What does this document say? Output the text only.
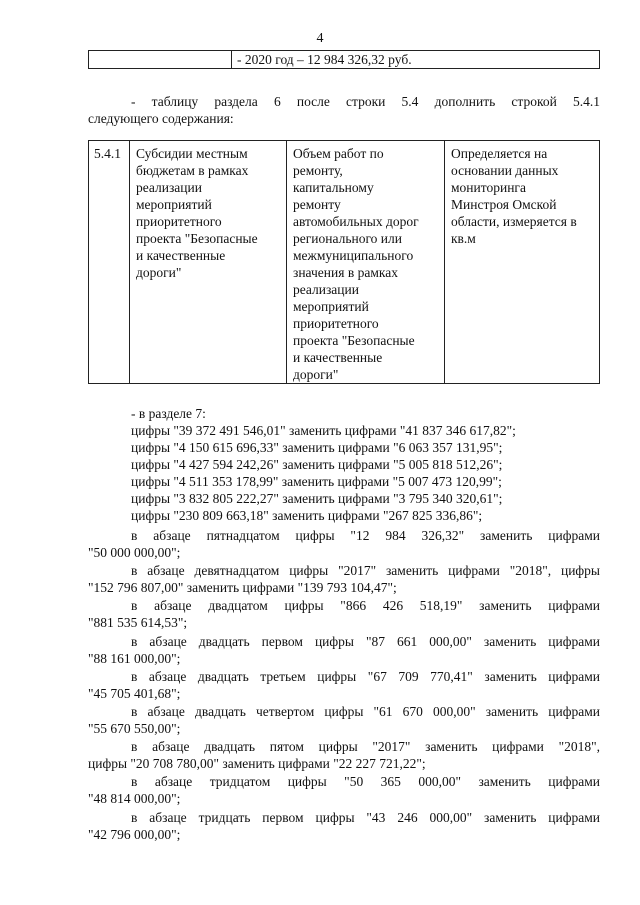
4
- 2020 год – 12 984 326,32 руб.
- таблицу раздела 6 после строки 5.4 дополнить строкой 5.4.1
следующего содержания:
5.4.1 Субсидии местным
бюджетам в рамках
реализации
мероприятий
приоритетного
проекта "Безопасные
и качественные
дороги"
Объем работ по
ремонту,
капитальному
ремонту
автомобильных дорог
регионального или
межмуниципального
значения в рамках
реализации
мероприятий
приоритетного
проекта "Безопасные
и качественные
дороги"
Определяется на
основании данных
мониторинга
Минстроя Омской
области, измеряется в
кв.м
- в разделе 7:
цифры "39 372 491 546,01" заменить цифрами "41 837 346 617,82";
цифры "4 150 615 696,33" заменить цифрами "6 063 357 131,95";
цифры "4 427 594 242,26" заменить цифрами "5 005 818 512,26";
цифры "4 511 353 178,99" заменить цифрами "5 007 473 120,99";
цифры "3 832 805 222,27" заменить цифрами "3 795 340 320,61";
цифры "230 809 663,18" заменить цифрами "267 825 336,86";
в абзаце пятнадцатом цифры "12 984 326,32" заменить цифрами
"50 000 000,00";
в абзаце девятнадцатом цифры "2017" заменить цифрами "2018", цифры
"152 796 807,00" заменить цифрами "139 793 104,47";
в абзаце двадцатом цифры "866 426 518,19" заменить цифрами
"881 535 614,53";
в абзаце двадцать первом цифры "87 661 000,00" заменить цифрами
"88 161 000,00";
в абзаце двадцать третьем цифры "67 709 770,41" заменить цифрами
"45 705 401,68";
в абзаце двадцать четвертом цифры "61 670 000,00" заменить цифрами
"55 670 550,00";
в абзаце двадцать пятом цифры "2017" заменить цифрами "2018",
цифры "20 708 780,00" заменить цифрами "22 227 721,22";
в абзаце тридцатом цифры "50 365 000,00" заменить цифрами
"48 814 000,00";
в абзаце тридцать первом цифры "43 246 000,00" заменить цифрами
"42 796 000,00";
